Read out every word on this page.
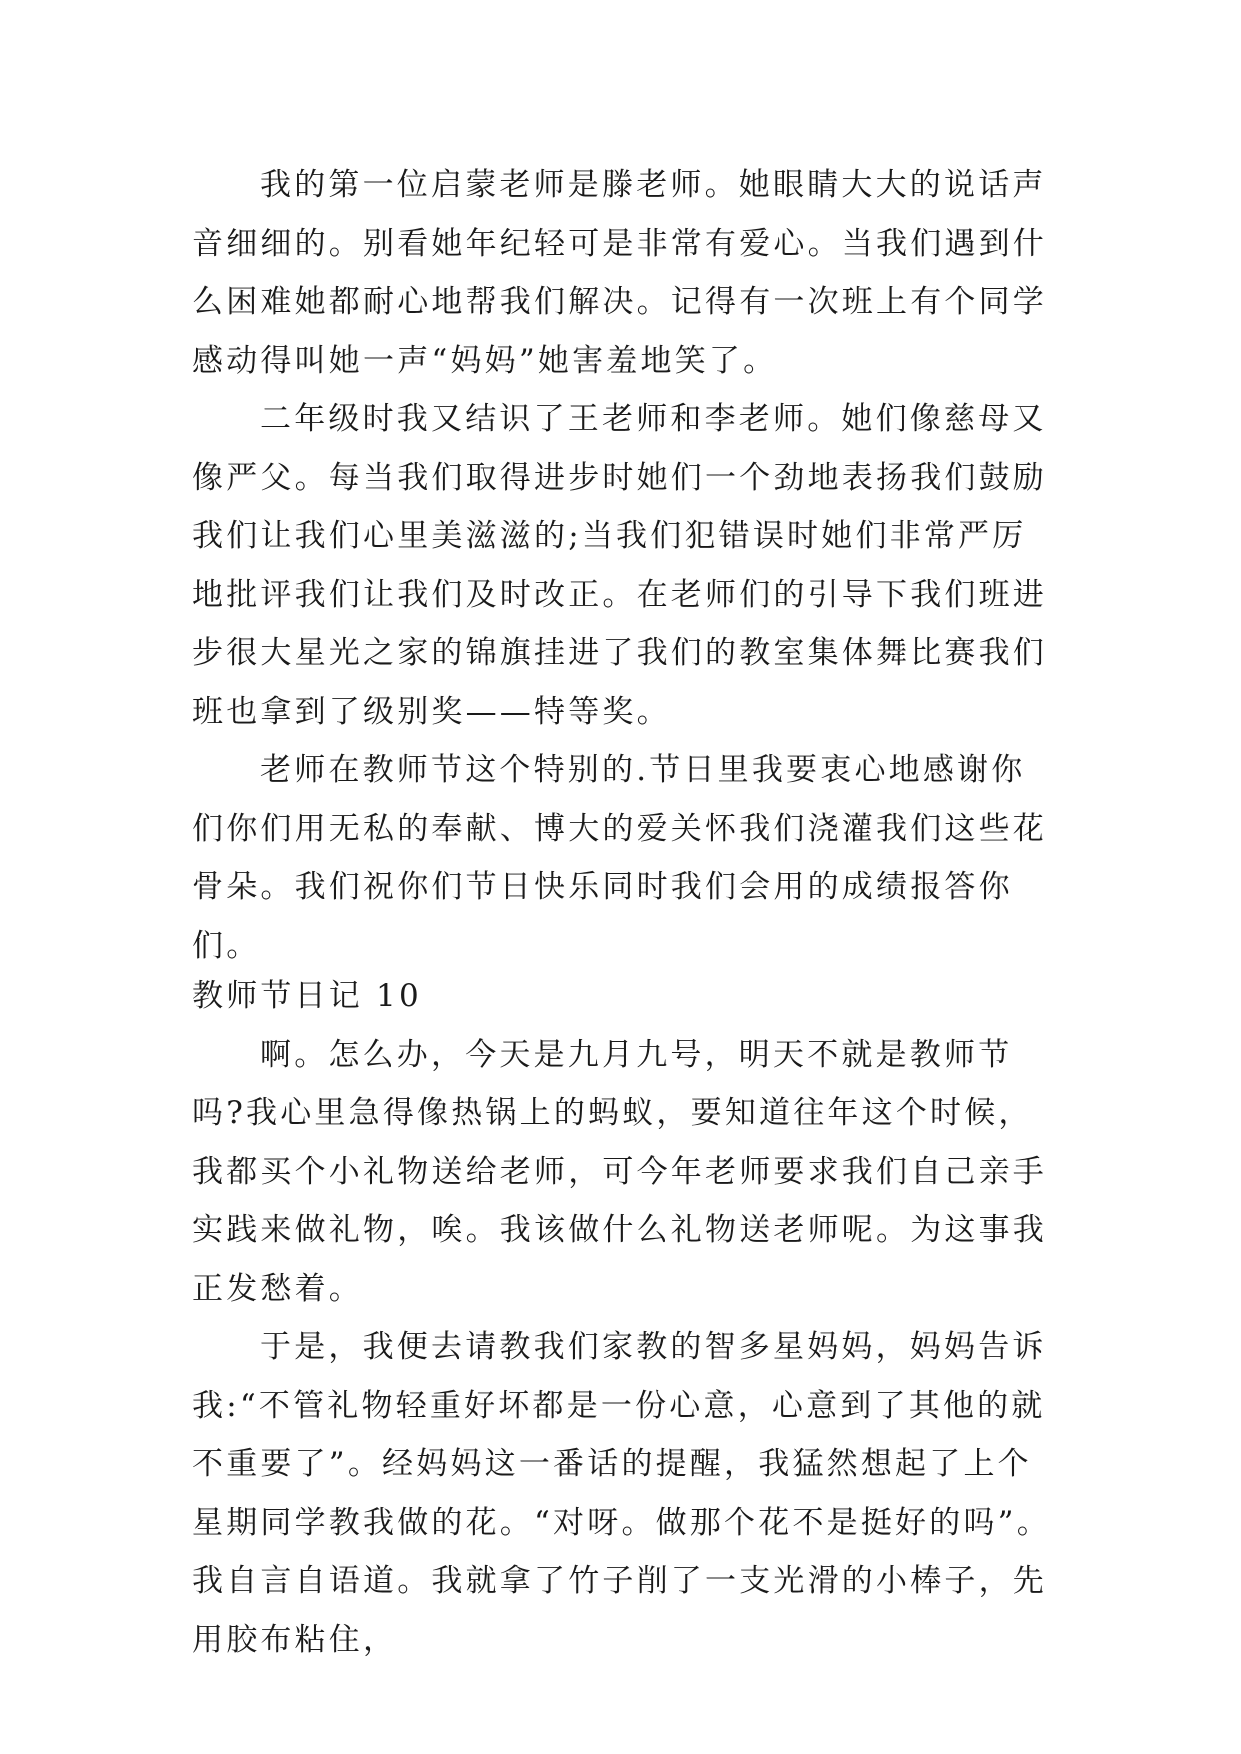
我的第一位启蒙老师是滕老师。她眼睛大大的说话声音细细的。别看她年纪轻可是非常有爱心。当我们遇到什么困难她都耐心地帮我们解决。记得有一次班上有个同学感动得叫她一声“妈妈”她害羞地笑了。

二年级时我又结识了王老师和李老师。她们像慈母又像严父。每当我们取得进步时她们一个劲地表扬我们鼓励我们让我们心里美滋滋的;当我们犯错误时她们非常严厉地批评我们让我们及时改正。在老师们的引导下我们班进步很大星光之家的锦旗挂进了我们的教室集体舞比赛我们班也拿到了级别奖——特等奖。

老师在教师节这个特别的.节日里我要衷心地感谢你们你们用无私的奉献、博大的爱关怀我们浇灌我们这些花骨朵。我们祝你们节日快乐同时我们会用的成绩报答你们。

教师节日记 10

啊。怎么办，今天是九月九号，明天不就是教师节吗?我心里急得像热锅上的蚂蚁，要知道往年这个时候，我都买个小礼物送给老师，可今年老师要求我们自己亲手实践来做礼物，唉。我该做什么礼物送老师呢。为这事我正发愁着。

于是，我便去请教我们家教的智多星妈妈，妈妈告诉我:“不管礼物轻重好坏都是一份心意，心意到了其他的就不重要了”。经妈妈这一番话的提醒，我猛然想起了上个星期同学教我做的花。“对呀。做那个花不是挺好的吗”。我自言自语道。我就拿了竹子削了一支光滑的小棒子，先用胶布粘住，
